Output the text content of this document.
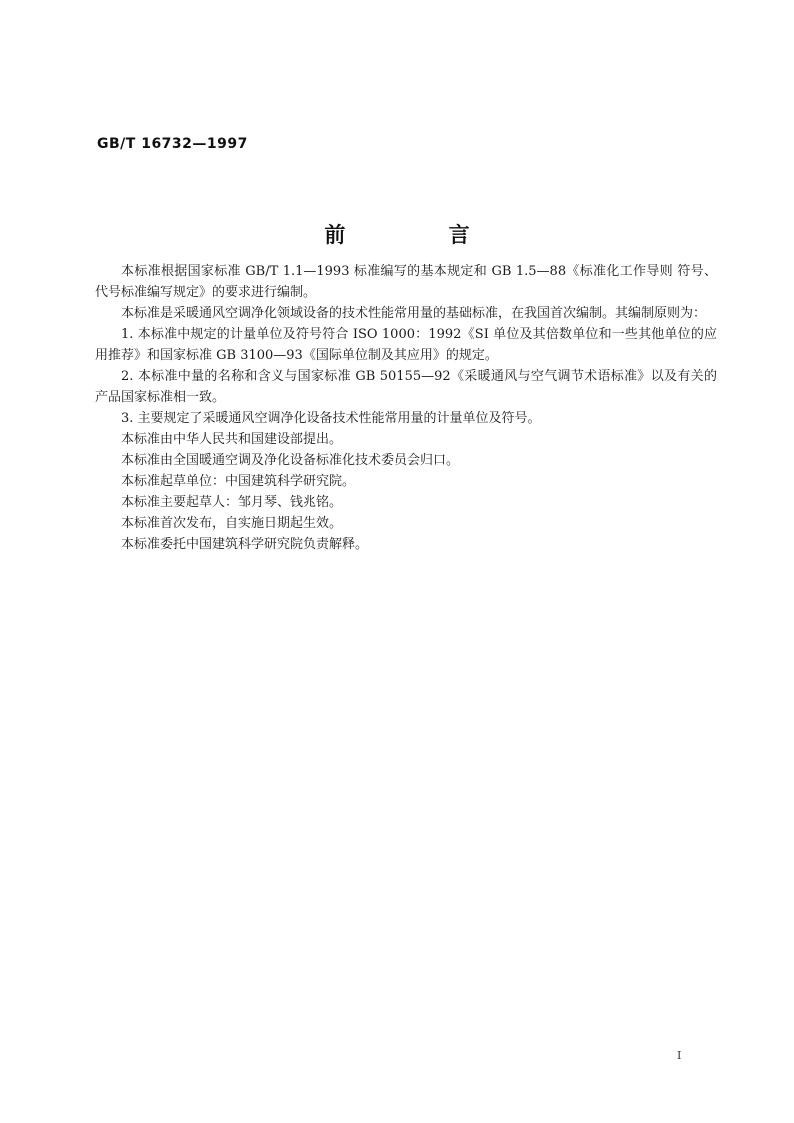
GB/T 16732—1997
前 言

本标准根据国家标准 GB/T 1.1—1993 标准编写的基本规定和 GB 1.5—88《标准化工作导则 符号、代号标准编写规定》的要求进行编制。

本标准是采暖通风空调净化领域设备的技术性能常用量的基础标准，在我国首次编制。其编制原则为：

1. 本标准中规定的计量单位及符号符合 ISO 1000：1992《SI 单位及其倍数单位和一些其他单位的应用推荐》和国家标准 GB 3100—93《国际单位制及其应用》的规定。

2. 本标准中量的名称和含义与国家标准 GB 50155—92《采暖通风与空气调节术语标准》以及有关的产品国家标准相一致。

3. 主要规定了采暖通风空调净化设备技术性能常用量的计量单位及符号。

本标准由中华人民共和国建设部提出。

本标准由全国暖通空调及净化设备标准化技术委员会归口。

本标准起草单位：中国建筑科学研究院。

本标准主要起草人：邹月琴、钱兆铭。

本标准首次发布，自实施日期起生效。

本标准委托中国建筑科学研究院负责解释。

I
